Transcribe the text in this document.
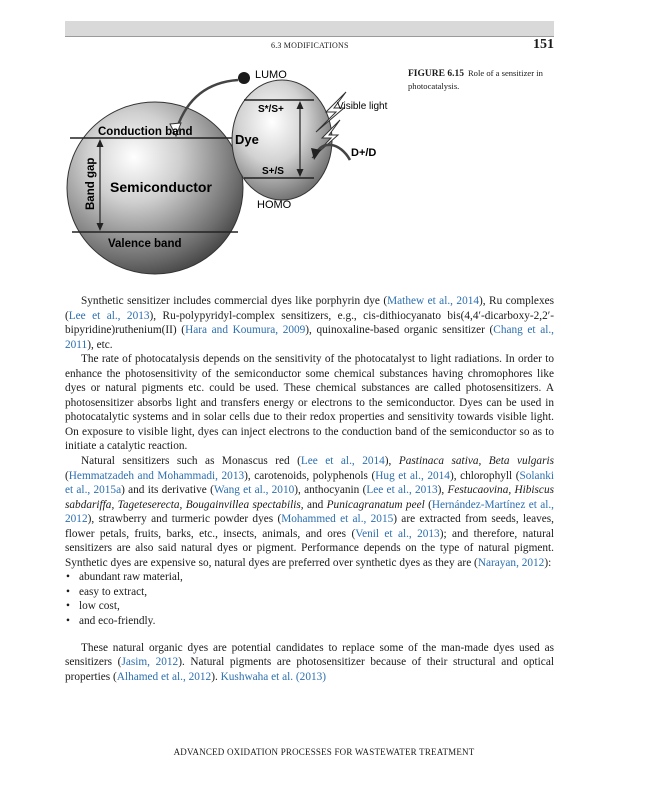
6.3 MODIFICATIONS	151
LUMO
S*/S+	Visible light
Conduction band	Dye
D+/D
S+/S
Band gap Semiconductor
HOMO
Valence band
FIGURE 6.15 Role of a sensitizer in photocatalysis.

Synthetic sensitizer includes commercial dyes like porphyrin dye (Mathew et al., 2014), Ru complexes (Lee et al., 2013), Ru-polypyridyl-complex sensitizers, e.g., cis-dithiocyanato bis(4,4′-dicarboxy-2,2′-bipyridine)ruthenium(II) (Hara and Koumura, 2009), quinoxaline-based organic sensitizer (Chang et al., 2011), etc.

The rate of photocatalysis depends on the sensitivity of the photocatalyst to light radiations. In order to enhance the photosensitivity of the semiconductor some chemical substances having chromophores like dyes or natural pigments etc. could be used. These chemical substances are called photosensitizers. A photosensitizer absorbs light and transfers energy or electrons to the semiconductor. Dyes can be used in photocatalytic systems and in solar cells due to their redox properties and sensitivity towards visible light. On exposure to visible light, dyes can inject electrons to the conduction band of the semiconductor so as to initiate a catalytic reaction.

Natural sensitizers such as Monascus red (Lee et al., 2014), Pastinaca sativa, Beta vulgaris (Hemmatzadeh and Mohammadi, 2013), carotenoids, polyphenols (Hug et al., 2014), chlorophyll (Solanki et al., 2015a) and its derivative (Wang et al., 2010), anthocyanin (Lee et al., 2013), Festucaovina, Hibiscus sabdariffa, Tageteserecta, Bougainvillea spectabilis, and Punicagranatum peel (Hernández-Martínez et al., 2012), strawberry and turmeric powder dyes (Mohammed et al., 2015) are extracted from seeds, leaves, flower petals, fruits, barks, etc., insects, animals, and ores (Venil et al., 2013); and therefore, natural sensitizers are also said natural dyes or pigment. Performance depends on the type of natural pigment. Synthetic dyes are expensive so, natural dyes are preferred over synthetic dyes as they are (Narayan, 2012):

• abundant raw material,
• easy to extract,
• low cost,
• and eco-friendly.

These natural organic dyes are potential candidates to replace some of the man-made dyes used as sensitizers (Jasim, 2012). Natural pigments are photosensitizer because of their structural and optical properties (Alhamed et al., 2012). Kushwaha et al. (2013)

ADVANCED OXIDATION PROCESSES FOR WASTEWATER TREATMENT
